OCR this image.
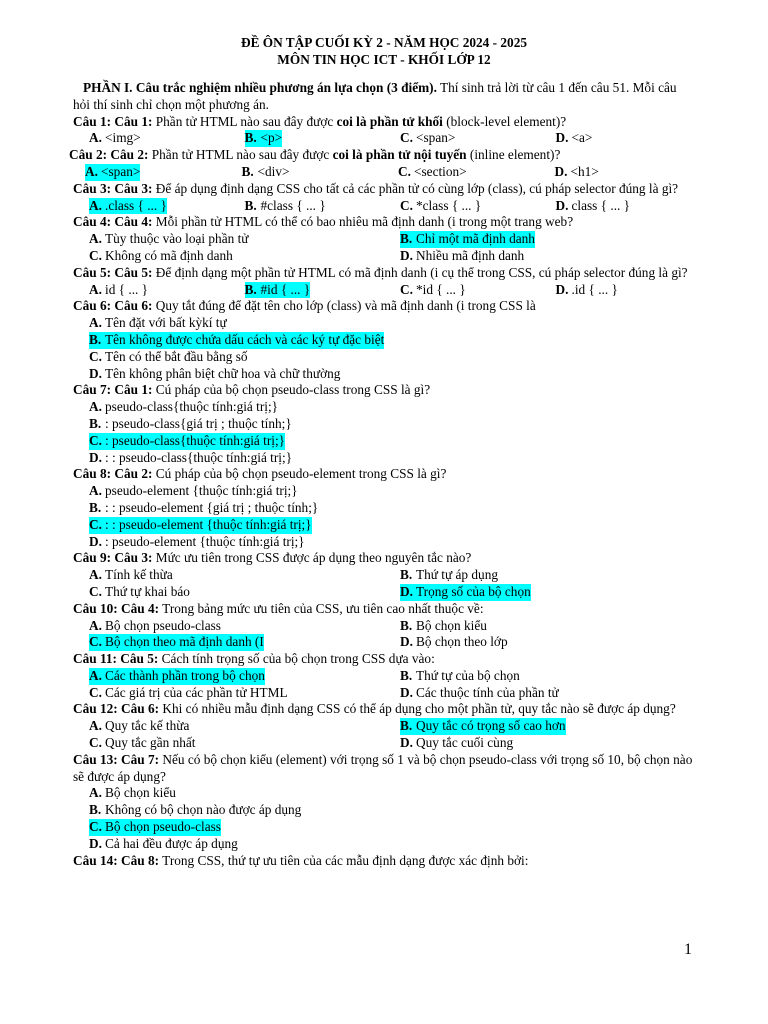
ĐỀ ÔN TẬP CUỐI KỲ 2 - NĂM HỌC 2024 - 2025
MÔN TIN HỌC ICT - KHỐI LỚP 12
PHẦN I. Câu trắc nghiệm nhiều phương án lựa chọn (3 điểm). Thí sinh trả lời từ câu 1 đến câu 51. Mỗi câu hỏi thí sinh chỉ chọn một phương án.
Câu 1: Câu 1: Phần tử HTML nào sau đây được coi là phần tử khối (block-level element)?
A. <img>	B. <p>	C. <span>	D. <a>
Câu 2: Câu 2: Phần tử HTML nào sau đây được coi là phần tử nội tuyến (inline element)?
A. <span>	B. <div>	C. <section>	D. <h1>
Câu 3: Câu 3: Để áp dụng định dạng CSS cho tất cả các phần tử có cùng lớp (class), cú pháp selector đúng là gì?
A. .class { ... }	B. #class { ... }	C. *class { ... }	D. class { ... }
Câu 4: Câu 4: Mỗi phần tử HTML có thể có bao nhiêu mã định danh (i trong một trang web?
A. Tùy thuộc vào loại phần tử	B. Chỉ một mã định danh
C. Không có mã định danh	D. Nhiều mã định danh
Câu 5: Câu 5: Để định dạng một phần tử HTML có mã định danh (i cụ thể trong CSS, cú pháp selector đúng là gì?
A. id { ... }	B. #id { ... }	C. *id { ... }	D. .id { ... }
Câu 6: Câu 6: Quy tắt đúng để đặt tên cho lớp (class) và mã định danh (i trong CSS là
A. Tên đặt với bất kỳkí tự
B. Tên không được chứa dấu cách và các ký tự đặc biệt
C. Tên có thể bắt đầu bằng số
D. Tên không phân biệt chữ hoa và chữ thường
Câu 7: Câu 1: Cú pháp của bộ chọn pseudo-class trong CSS là gì?
A. pseudo-class{thuộc tính:giá trị;}
B. : pseudo-class{giá trị ; thuộc tính;}
C. : pseudo-class{thuộc tính:giá trị;}
D. : : pseudo-class{thuộc tính:giá trị;}
Câu 8: Câu 2: Cú pháp của bộ chọn pseudo-element trong CSS là gì?
A. pseudo-element {thuộc tính:giá trị;}
B. : : pseudo-element {giá trị ; thuộc tính;}
C. : : pseudo-element {thuộc tính:giá trị;}
D. : pseudo-element {thuộc tính:giá trị;}
Câu 9: Câu 3: Mức ưu tiên trong CSS được áp dụng theo nguyên tắc nào?
A. Tính kế thừa	B. Thứ tự áp dụng
C. Thứ tự khai báo	D. Trọng số của bộ chọn
Câu 10: Câu 4: Trong bảng mức ưu tiên của CSS, ưu tiên cao nhất thuộc về:
A. Bộ chọn pseudo-class	B. Bộ chọn kiểu
C. Bộ chọn theo mã định danh (I	D. Bộ chọn theo lớp
Câu 11: Câu 5: Cách tính trọng số của bộ chọn trong CSS dựa vào:
A. Các thành phần trong bộ chọn	B. Thứ tự của bộ chọn
C. Các giá trị của các phần tử HTML	D. Các thuộc tính của phần tử
Câu 12: Câu 6: Khi có nhiều mẫu định dạng CSS có thể áp dụng cho một phần tử, quy tắc nào sẽ được áp dụng?
A. Quy tắc kế thừa	B. Quy tắc có trọng số cao hơn
C. Quy tắc gần nhất	D. Quy tắc cuối cùng
Câu 13: Câu 7: Nếu có bộ chọn kiểu (element) với trọng số 1 và bộ chọn pseudo-class với trọng số 10, bộ chọn nào sẽ được áp dụng?
A. Bộ chọn kiểu
B. Không có bộ chọn nào được áp dụng
C. Bộ chọn pseudo-class
D. Cả hai đều được áp dụng
Câu 14: Câu 8: Trong CSS, thứ tự ưu tiên của các mẫu định dạng được xác định bởi:
1
